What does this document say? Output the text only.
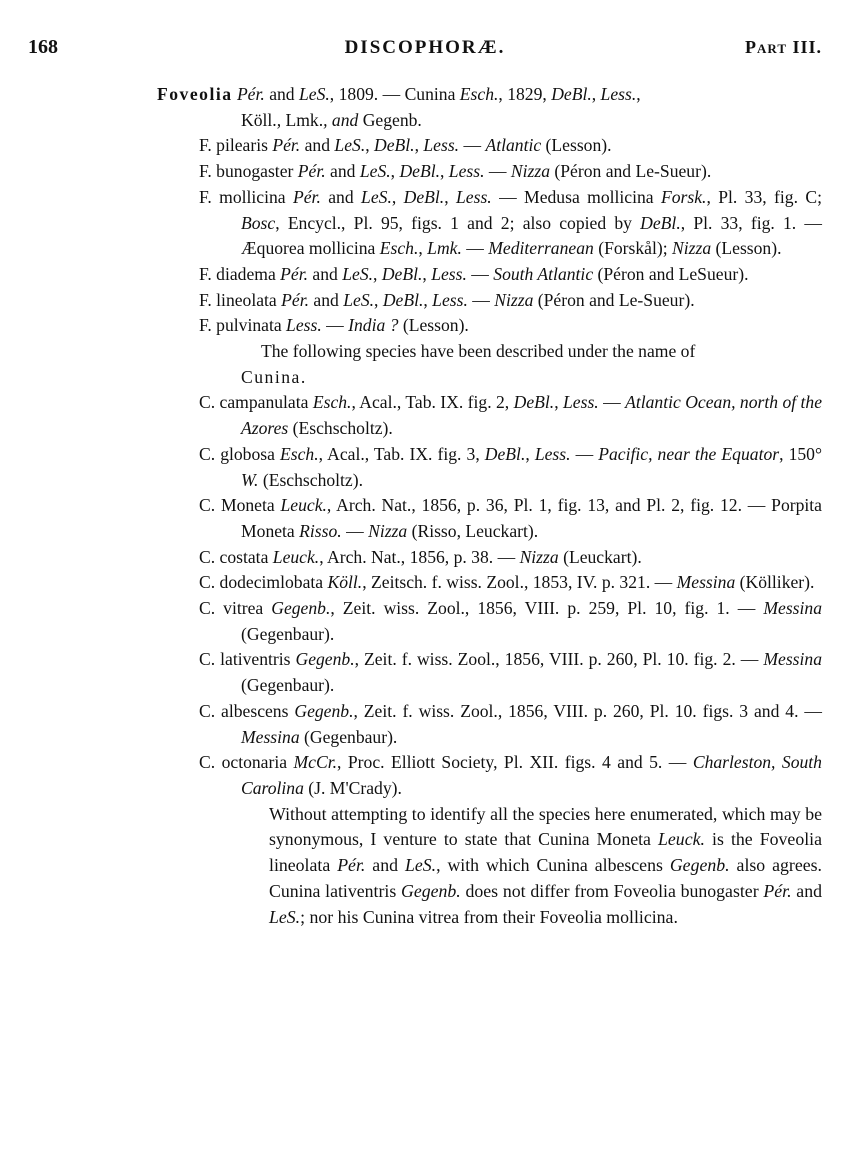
168	DISCOPHORÆ.	Part III.
Foveolia Pér. and LeS., 1809. — Cunina Esch., 1829, DeBl., Less.,
Köll., Lmk., and Gegenb.
F. pilearis Pér. and LeS., DeBl., Less. — Atlantic (Lesson).
F. bunogaster Pér. and LeS., DeBl., Less. — Nizza (Péron and Le-Sueur).
F. mollicina Pér. and LeS., DeBl., Less. — Medusa mollicina Forsk., Pl. 33, fig. C; Bosc, Encycl., Pl. 95, figs. 1 and 2; also copied by DeBl., Pl. 33, fig. 1. — Æquorea mollicina Esch., Lmk. — Mediterranean (Forskål); Nizza (Lesson).
F. diadema Pér. and LeS., DeBl., Less. — South Atlantic (Péron and LeSueur).
F. lineolata Pér. and LeS., DeBl., Less. — Nizza (Péron and Le-Sueur).
F. pulvinata Less. — India ? (Lesson).
The following species have been described under the name of
Cunina.
C. campanulata Esch., Acal., Tab. IX. fig. 2, DeBl., Less. — Atlantic Ocean, north of the Azores (Eschscholtz).
C. globosa Esch., Acal., Tab. IX. fig. 3, DeBl., Less. — Pacific, near the Equator, 150° W. (Eschscholtz).
C. Moneta Leuck., Arch. Nat., 1856, p. 36, Pl. 1, fig. 13, and Pl. 2, fig. 12. — Porpita Moneta Risso. — Nizza (Risso, Leuckart).
C. costata Leuck., Arch. Nat., 1856, p. 38. — Nizza (Leuckart).
C. dodecimlobata Köll., Zeitsch. f. wiss. Zool., 1853, IV. p. 321. — Messina (Kölliker).
C. vitrea Gegenb., Zeit. wiss. Zool., 1856, VIII. p. 259, Pl. 10, fig. 1. — Messina (Gegenbaur).
C. lativentris Gegenb., Zeit. f. wiss. Zool., 1856, VIII. p. 260, Pl. 10. fig. 2. — Messina (Gegenbaur).
C. albescens Gegenb., Zeit. f. wiss. Zool., 1856, VIII. p. 260, Pl. 10. figs. 3 and 4. — Messina (Gegenbaur).
C. octonaria McCr., Proc. Elliott Society, Pl. XII. figs. 4 and 5. — Charleston, South Carolina (J. M'Crady).
Without attempting to identify all the species here enumerated, which may be synonymous, I venture to state that Cunina Moneta Leuck. is the Foveolia lineolata Pér. and LeS., with which Cunina albescens Gegenb. also agrees. Cunina lativentris Gegenb. does not differ from Foveolia bunogaster Pér. and LeS.; nor his Cunina vitrea from their Foveolia mollicina.
